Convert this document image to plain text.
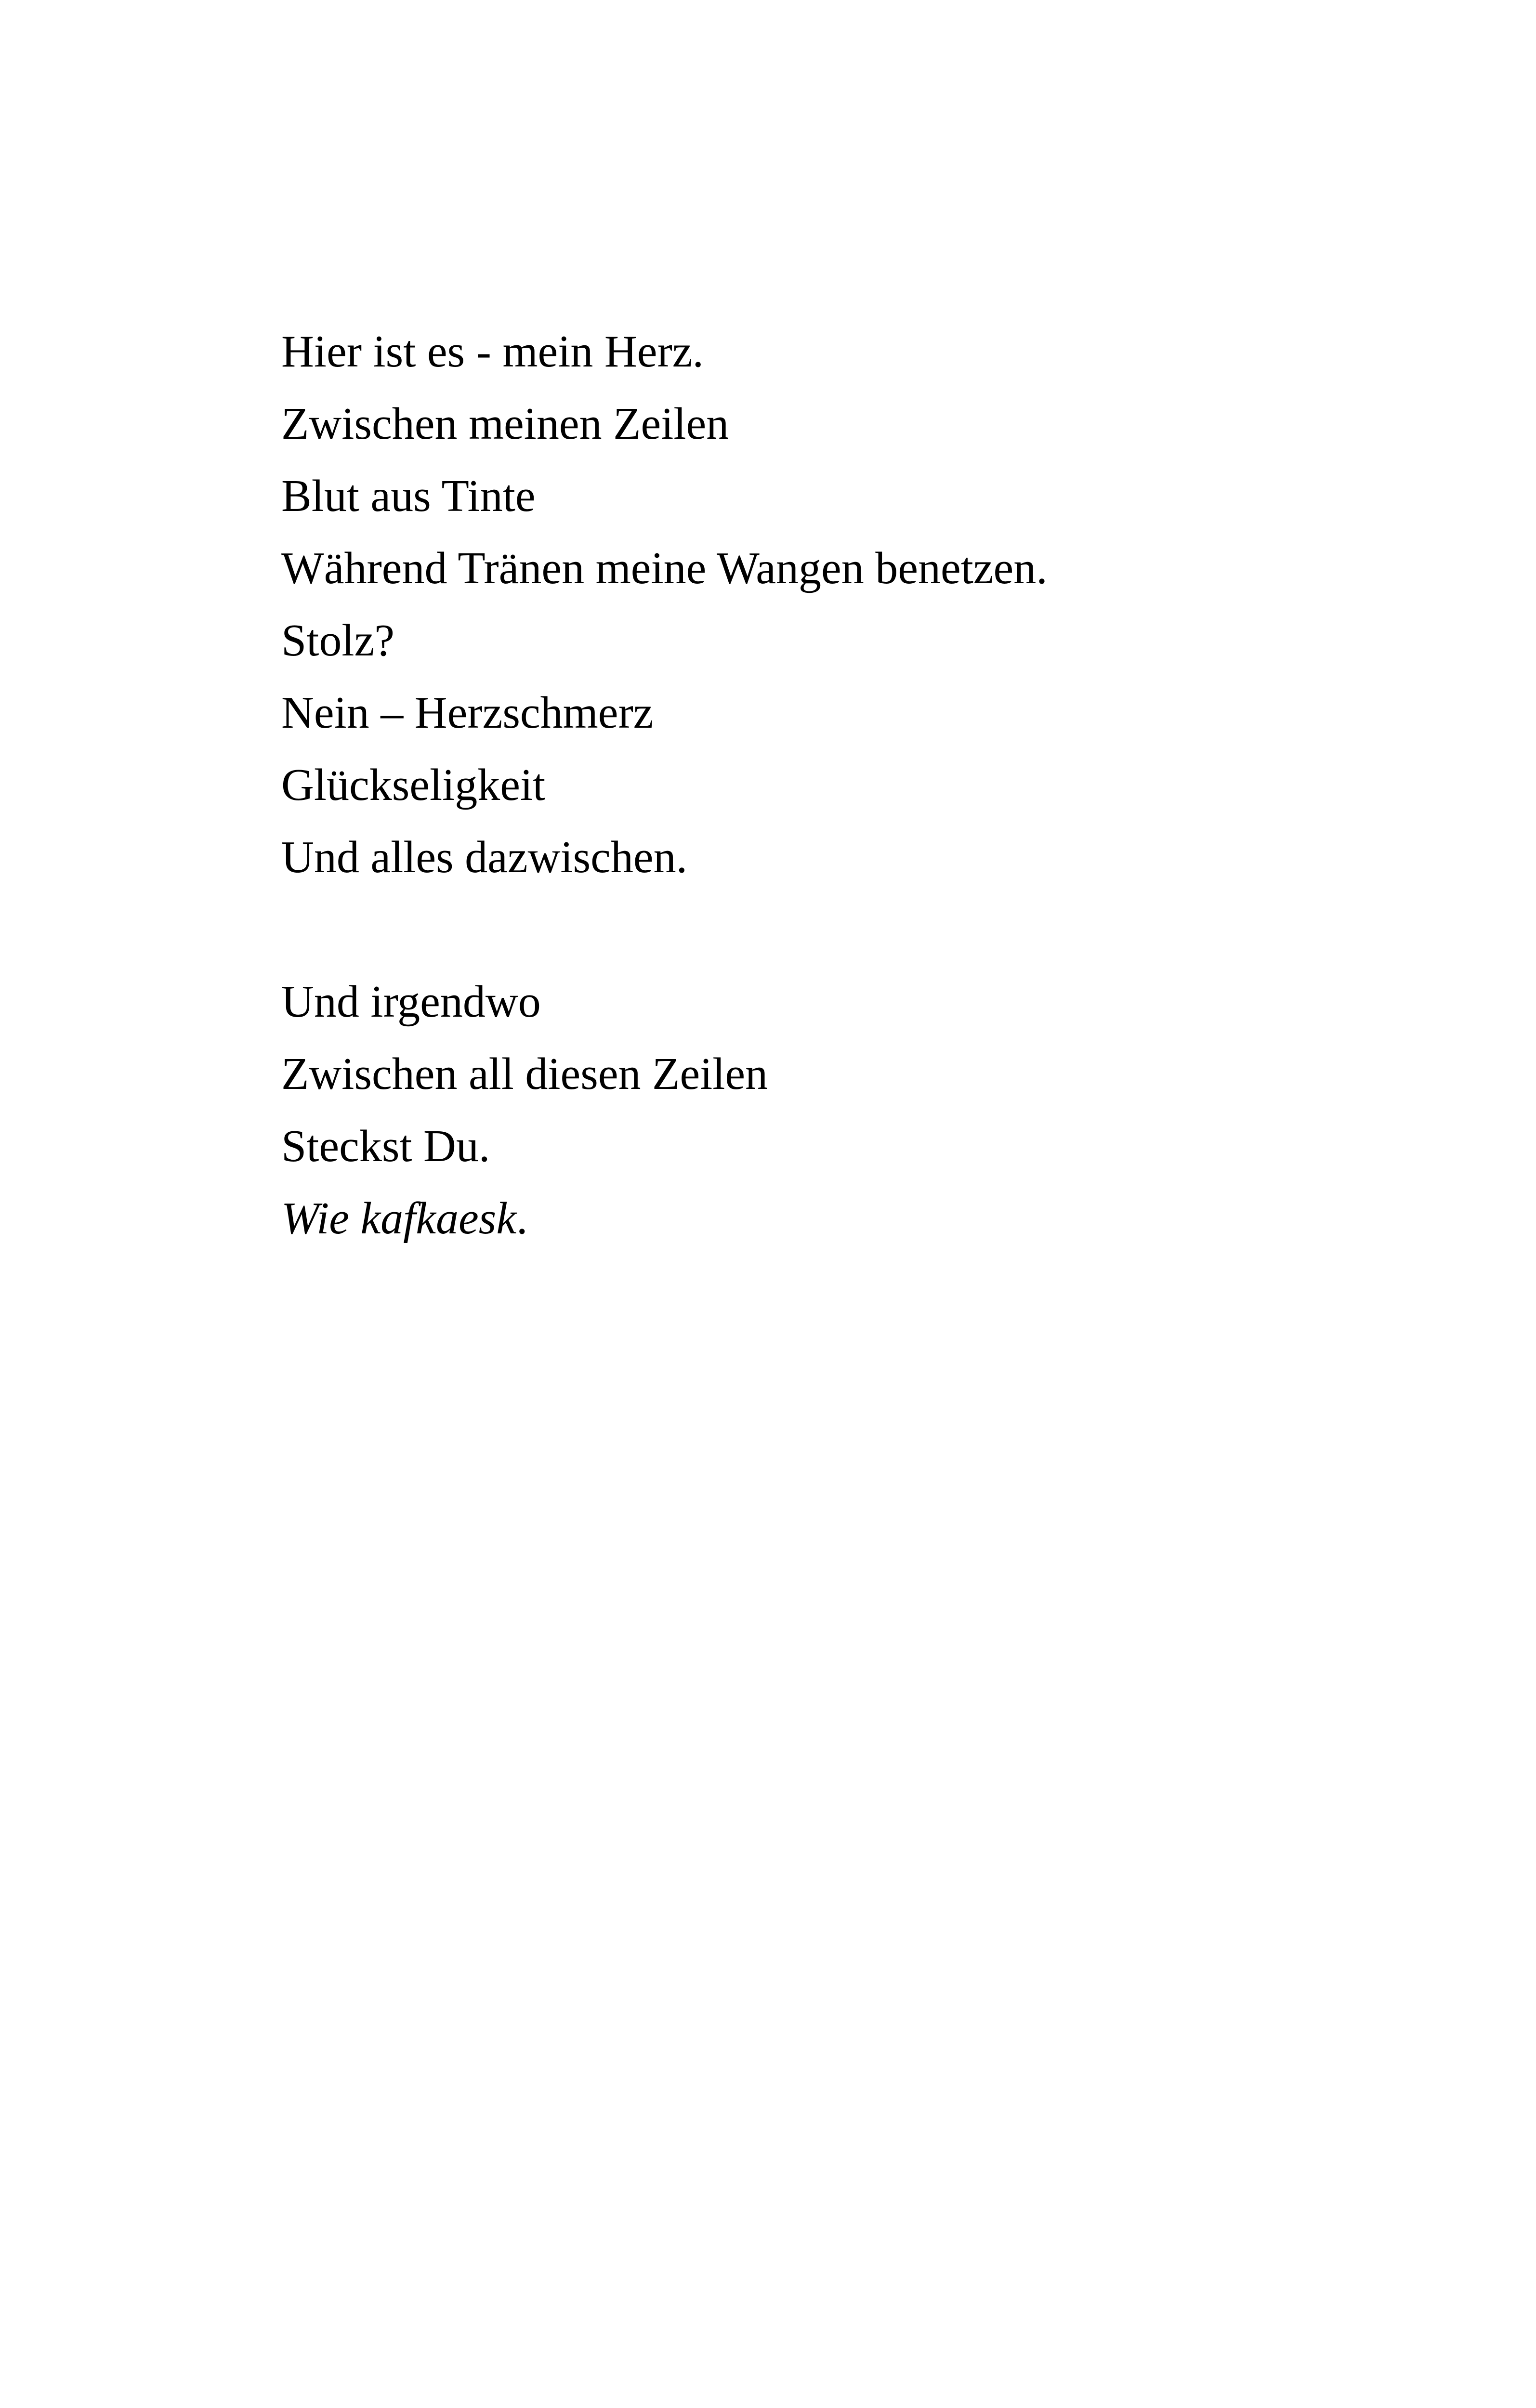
Hier ist es - mein Herz.
Zwischen meinen Zeilen
Blut aus Tinte
Während Tränen meine Wangen benetzen.
Stolz?
Nein – Herzschmerz
Glückseligkeit
Und alles dazwischen.
Und irgendwo
Zwischen all diesen Zeilen
Steckst Du.
Wie kafkaesk.
